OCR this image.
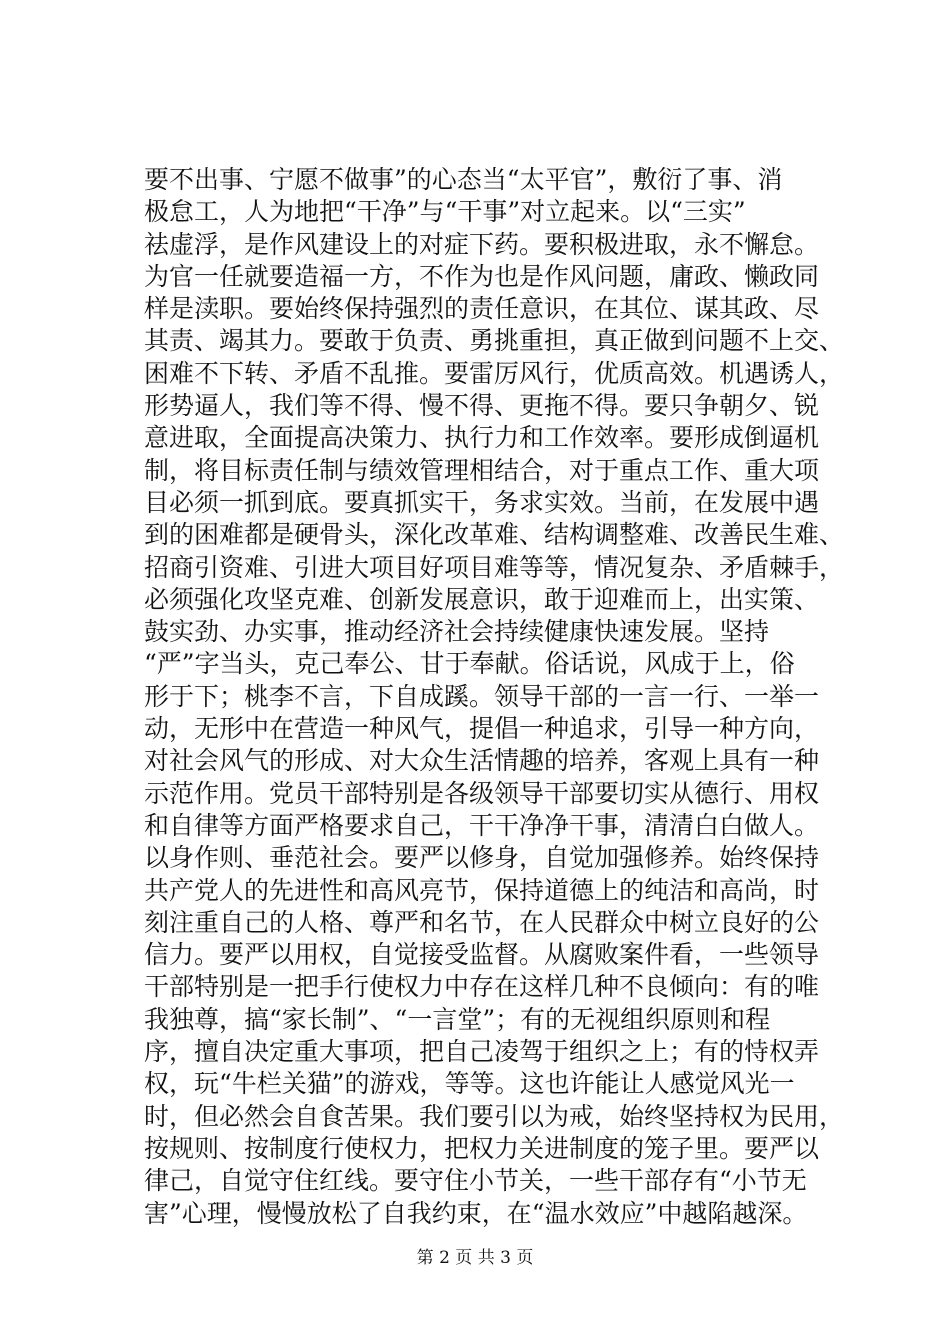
要不出事、宁愿不做事”的心态当“太平官”，敷衍了事、消
极怠工，人为地把“干净”与“干事”对立起来。以“三实”
祛虚浮，是作风建设上的对症下药。要积极进取，永不懈怠。
为官一任就要造福一方，不作为也是作风问题，庸政、懒政同
样是渎职。要始终保持强烈的责任意识，在其位、谋其政、尽
其责、竭其力。要敢于负责、勇挑重担，真正做到问题不上交、
困难不下转、矛盾不乱推。要雷厉风行，优质高效。机遇诱人，
形势逼人，我们等不得、慢不得、更拖不得。要只争朝夕、锐
意进取，全面提高决策力、执行力和工作效率。要形成倒逼机
制，将目标责任制与绩效管理相结合，对于重点工作、重大项
目必须一抓到底。要真抓实干，务求实效。当前，在发展中遇
到的困难都是硬骨头，深化改革难、结构调整难、改善民生难、
招商引资难、引进大项目好项目难等等，情况复杂、矛盾棘手，
必须强化攻坚克难、创新发展意识，敢于迎难而上，出实策、
鼓实劲、办实事，推动经济社会持续健康快速发展。坚持
“严”字当头，克己奉公、甘于奉献。俗话说，风成于上，俗
形于下；桃李不言，下自成蹊。领导干部的一言一行、一举一
动，无形中在营造一种风气，提倡一种追求，引导一种方向，
对社会风气的形成、对大众生活情趣的培养，客观上具有一种
示范作用。党员干部特别是各级领导干部要切实从德行、用权
和自律等方面严格要求自己，干干净净干事，清清白白做人。
以身作则、垂范社会。要严以修身，自觉加强修养。始终保持
共产党人的先进性和高风亮节，保持道德上的纯洁和高尚，时
刻注重自己的人格、尊严和名节，在人民群众中树立良好的公
信力。要严以用权，自觉接受监督。从腐败案件看，一些领导
干部特别是一把手行使权力中存在这样几种不良倾向：有的唯
我独尊，搞“家长制”、“一言堂”；有的无视组织原则和程
序，擅自决定重大事项，把自己凌驾于组织之上；有的恃权弄
权，玩“牛栏关猫”的游戏，等等。这也许能让人感觉风光一
时，但必然会自食苦果。我们要引以为戒，始终坚持权为民用，
按规则、按制度行使权力，把权力关进制度的笼子里。要严以
律己，自觉守住红线。要守住小节关，一些干部存有“小节无
害”心理，慢慢放松了自我约束，在“温水效应”中越陷越深。
第 2 页 共 3 页
